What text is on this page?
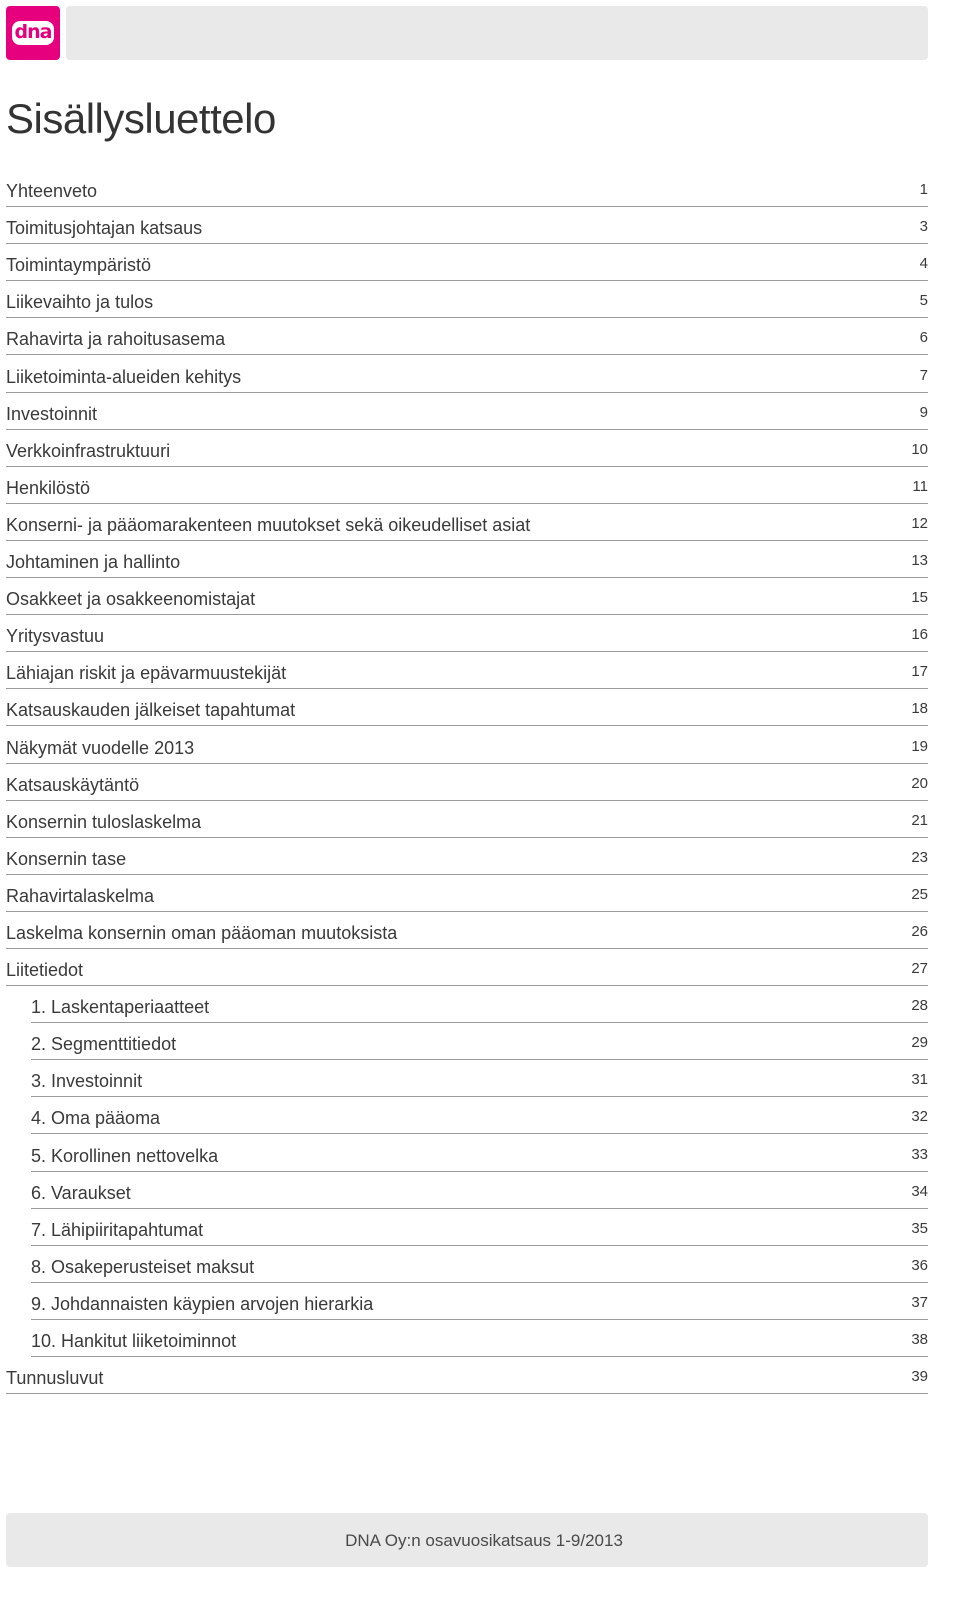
dna
Sisällysluettelo
Yhteenveto	1
Toimitusjohtajan katsaus	3
Toimintaympäristö	4
Liikevaihto ja tulos	5
Rahavirta ja rahoitusasema	6
Liiketoiminta-alueiden kehitys	7
Investoinnit	9
Verkkoinfrastruktuuri	10
Henkilöstö	11
Konserni- ja pääomarakenteen muutokset sekä oikeudelliset asiat	12
Johtaminen ja hallinto	13
Osakkeet ja osakkeenomistajat	15
Yritysvastuu	16
Lähiajan riskit ja epävarmuustekijät	17
Katsauskauden jälkeiset tapahtumat	18
Näkymät vuodelle 2013	19
Katsauskäytäntö	20
Konsernin tuloslaskelma	21
Konsernin tase	23
Rahavirtalaskelma	25
Laskelma konsernin oman pääoman muutoksista	26
Liitetiedot	27
1. Laskentaperiaatteet	28
2. Segmenttitiedot	29
3. Investoinnit	31
4. Oma pääoma	32
5. Korollinen nettovelka	33
6. Varaukset	34
7. Lähipiiritapahtumat	35
8. Osakeperusteiset maksut	36
9. Johdannaisten käypien arvojen hierarkia	37
10. Hankitut liiketoiminnot	38
Tunnusluvut	39
DNA Oy:n osavuosikatsaus 1-9/2013
